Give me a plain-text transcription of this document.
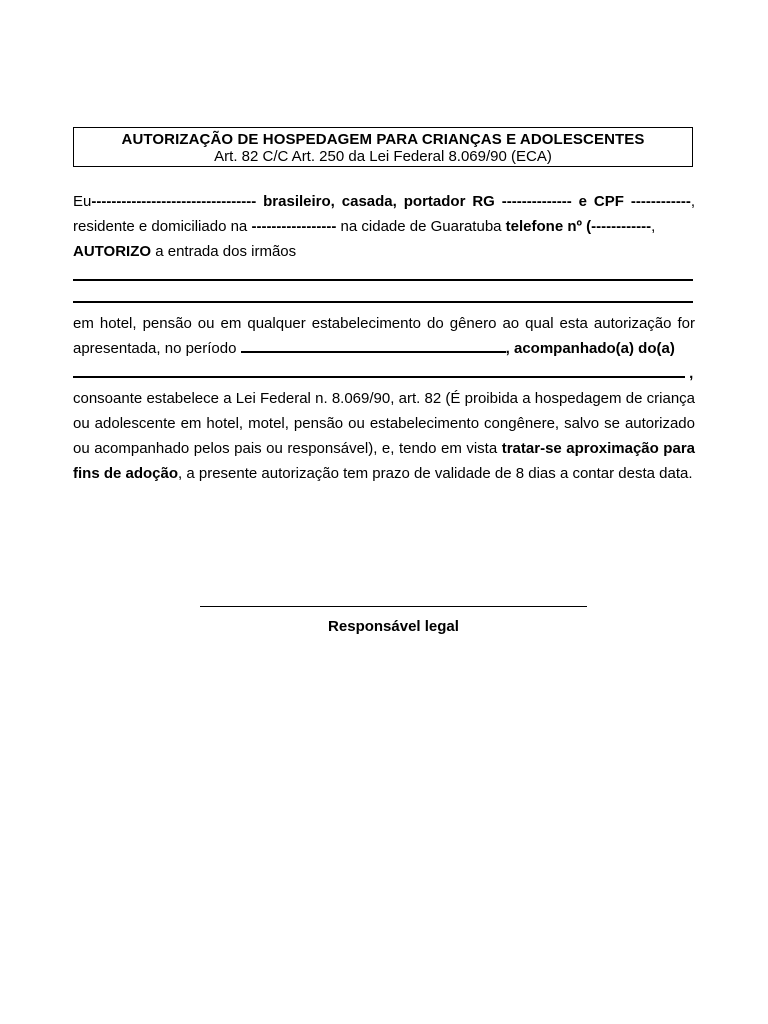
AUTORIZAÇÃO DE HOSPEDAGEM PARA CRIANÇAS E ADOLESCENTES
Art. 82 C/C Art. 250 da Lei Federal 8.069/90 (ECA)

Eu--------------------------------- brasileiro, casada, portador RG -------------- e CPF ------------, residente e domiciliado na ----------------- na cidade de Guaratuba telefone nº (------------,
AUTORIZO a entrada dos irmãos

em hotel, pensão ou em qualquer estabelecimento do gênero ao qual esta autorização for apresentada, no período	, acompanhado(a) do(a)
,

consoante estabelece a Lei Federal n. 8.069/90, art. 82 (É proibida a hospedagem de criança ou adolescente em hotel, motel, pensão ou estabelecimento congênere, salvo se autorizado ou acompanhado pelos pais ou responsável), e, tendo em vista tratar-se aproximação para fins de adoção, a presente autorização tem prazo de validade de 8 dias a contar desta data.

Responsável legal
